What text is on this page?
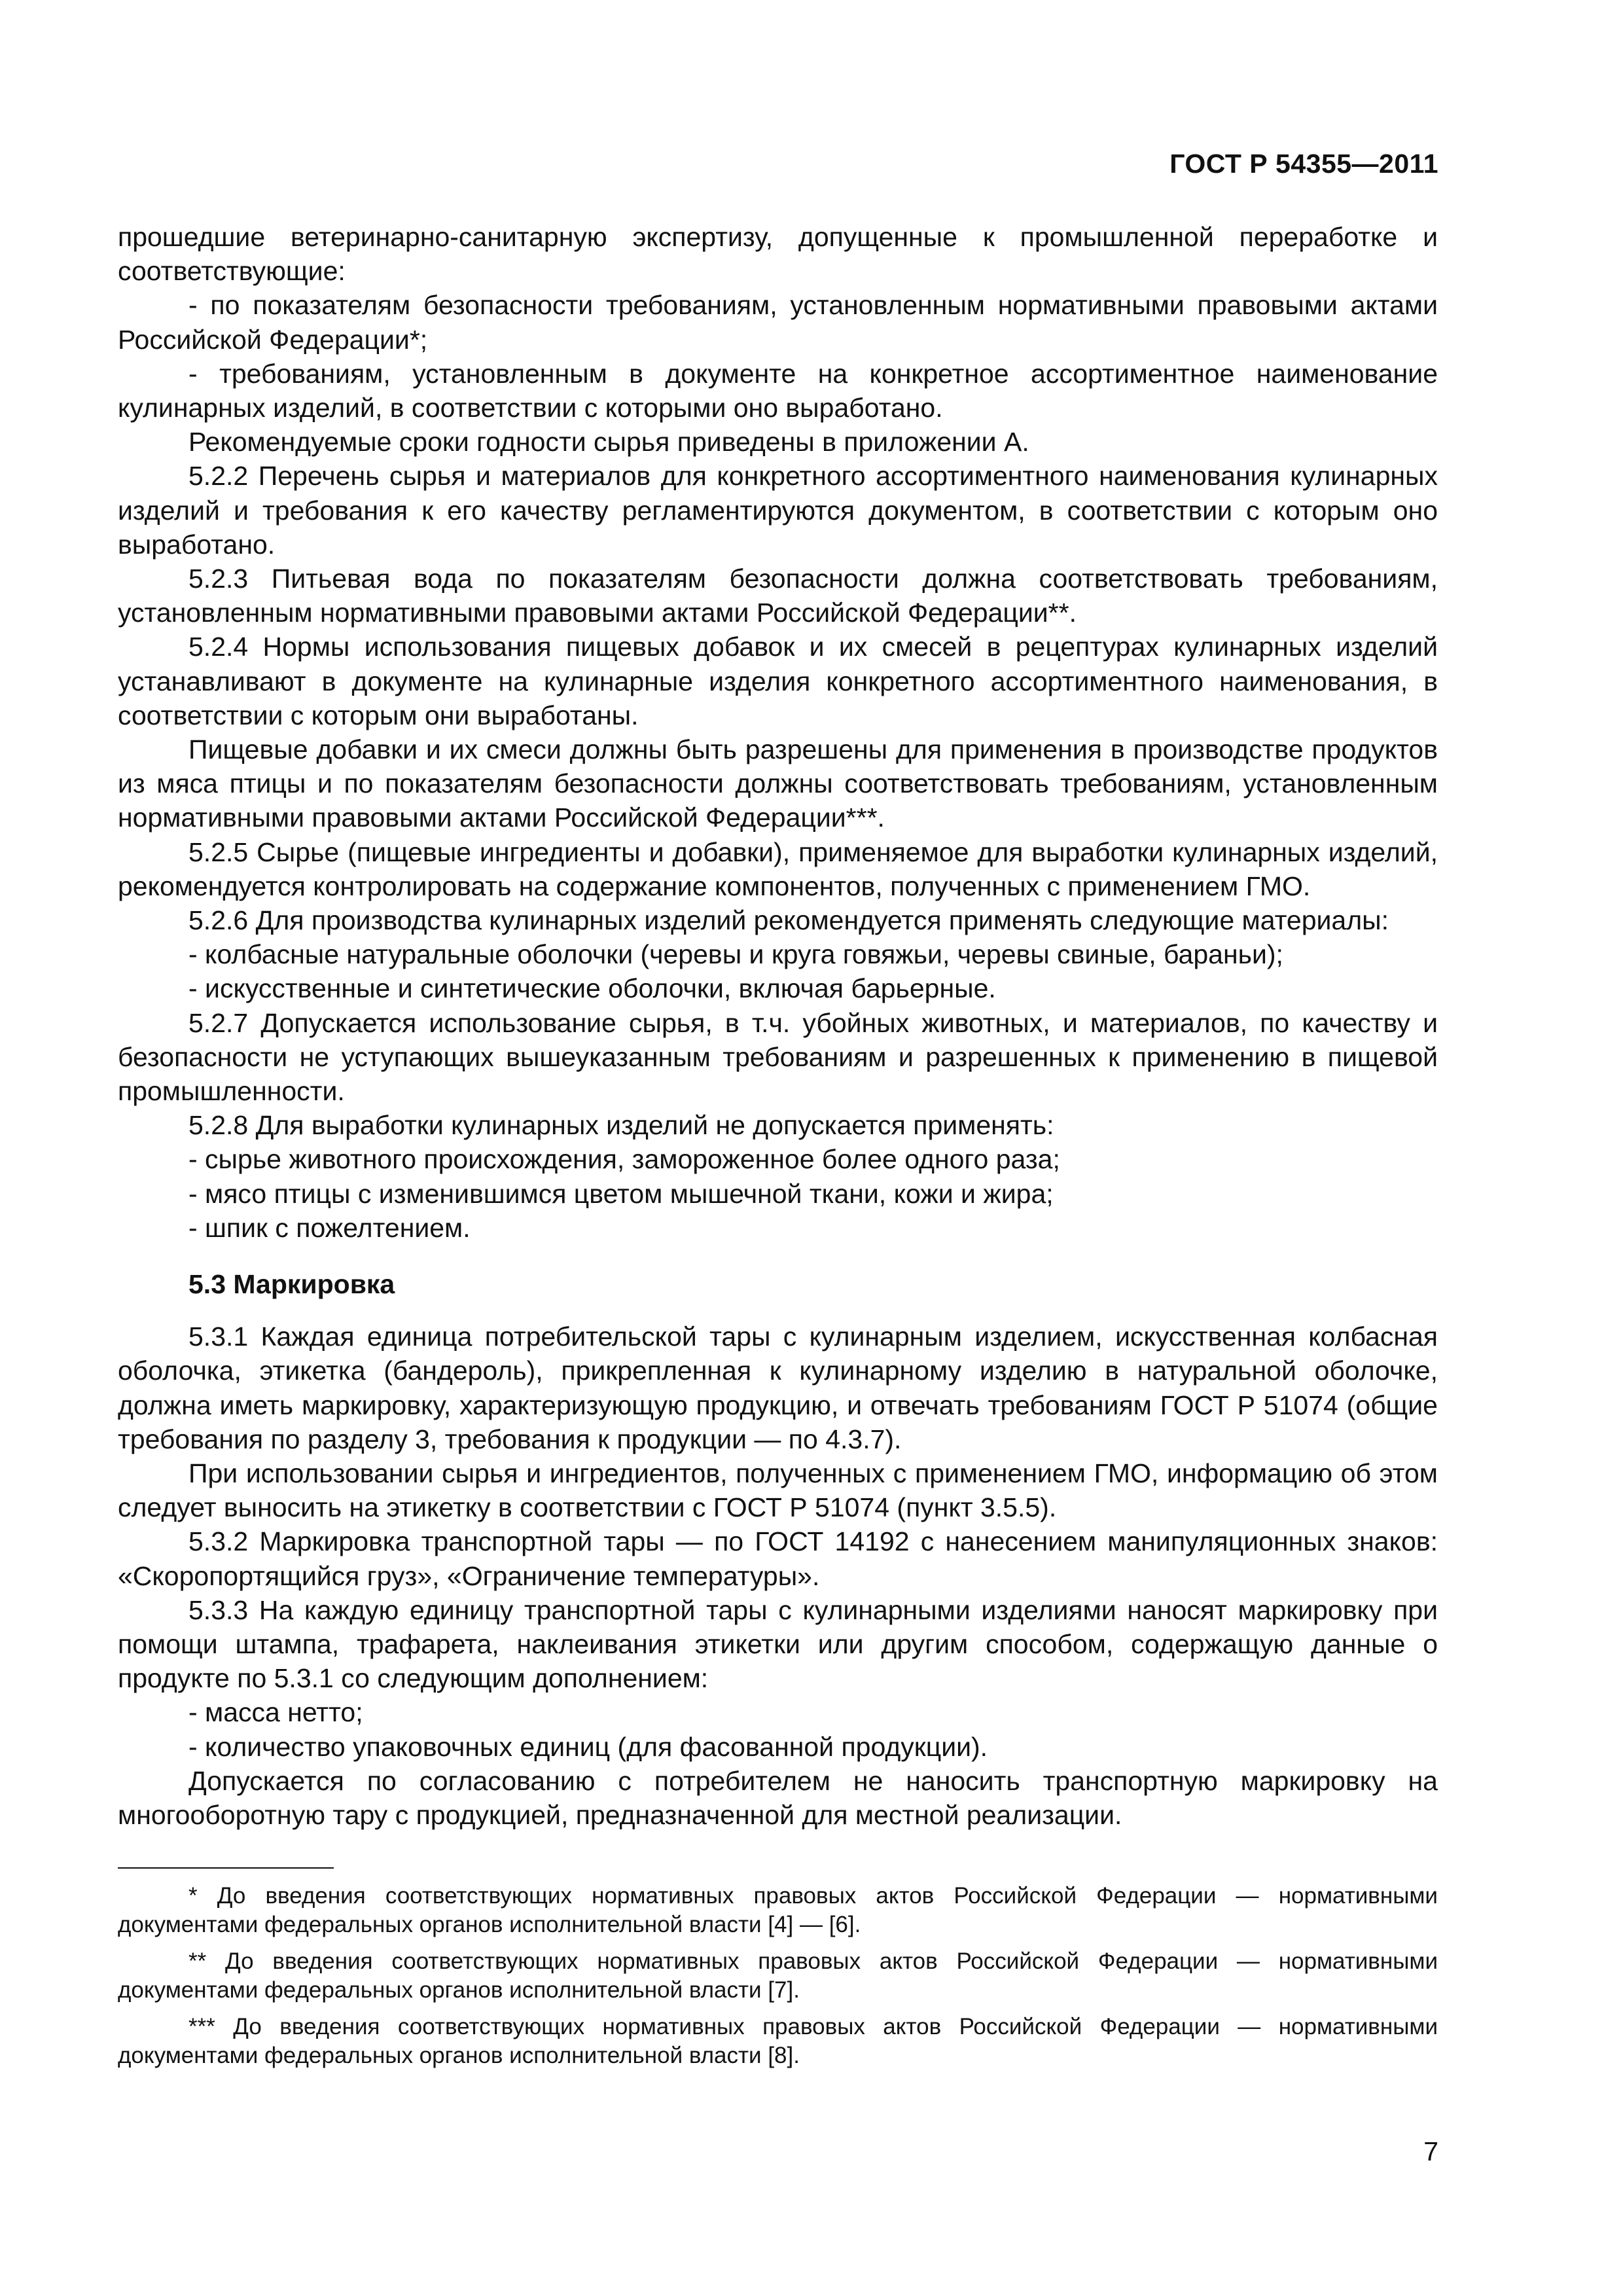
ГОСТ Р 54355—2011

прошедшие ветеринарно-санитарную экспертизу, допущенные к промышленной переработке и соответствующие:

- по показателям безопасности требованиям, установленным нормативными правовыми актами Российской Федерации*;

- требованиям, установленным в документе на конкретное ассортиментное наименование кулинарных изделий, в соответствии с которыми оно выработано.

Рекомендуемые сроки годности сырья приведены в приложении А.

5.2.2 Перечень сырья и материалов для конкретного ассортиментного наименования кулинарных изделий и требования к его качеству регламентируются документом, в соответствии с которым оно выработано.

5.2.3 Питьевая вода по показателям безопасности должна соответствовать требованиям, установленным нормативными правовыми актами Российской Федерации**.

5.2.4 Нормы использования пищевых добавок и их смесей в рецептурах кулинарных изделий устанавливают в документе на кулинарные изделия конкретного ассортиментного наименования, в соответствии с которым они выработаны.

Пищевые добавки и их смеси должны быть разрешены для применения в производстве продуктов из мяса птицы и по показателям безопасности должны соответствовать требованиям, установленным нормативными правовыми актами Российской Федерации***.

5.2.5 Сырье (пищевые ингредиенты и добавки), применяемое для выработки кулинарных изделий, рекомендуется контролировать на содержание компонентов, полученных с применением ГМО.

5.2.6 Для производства кулинарных изделий рекомендуется применять следующие материалы:

- колбасные натуральные оболочки (черевы и круга говяжьи, черевы свиные, бараньи);

- искусственные и синтетические оболочки, включая барьерные.

5.2.7 Допускается использование сырья, в т.ч. убойных животных, и материалов, по качеству и безопасности не уступающих вышеуказанным требованиям и разрешенных к применению в пищевой промышленности.

5.2.8 Для выработки кулинарных изделий не допускается применять:

- сырье животного происхождения, замороженное более одного раза;

- мясо птицы с изменившимся цветом мышечной ткани, кожи и жира;

- шпик с пожелтением.

5.3 Маркировка

5.3.1 Каждая единица потребительской тары с кулинарным изделием, искусственная колбасная оболочка, этикетка (бандероль), прикрепленная к кулинарному изделию в натуральной оболочке, должна иметь маркировку, характеризующую продукцию, и отвечать требованиям ГОСТ Р 51074 (общие требования по разделу 3, требования к продукции — по 4.3.7).

При использовании сырья и ингредиентов, полученных с применением ГМО, информацию об этом следует выносить на этикетку в соответствии с ГОСТ Р 51074 (пункт 3.5.5).

5.3.2 Маркировка транспортной тары — по ГОСТ 14192 с нанесением манипуляционных знаков: «Скоропортящийся груз», «Ограничение температуры».

5.3.3 На каждую единицу транспортной тары с кулинарными изделиями наносят маркировку при помощи штампа, трафарета, наклеивания этикетки или другим способом, содержащую данные о продукте по 5.3.1 со следующим дополнением:

- масса нетто;

- количество упаковочных единиц (для фасованной продукции).

Допускается по согласованию с потребителем не наносить транспортную маркировку на многооборотную тару с продукцией, предназначенной для местной реализации.

* До введения соответствующих нормативных правовых актов Российской Федерации — нормативными документами федеральных органов исполнительной власти [4] — [6].

** До введения соответствующих нормативных правовых актов Российской Федерации — нормативными документами федеральных органов исполнительной власти [7].

*** До введения соответствующих нормативных правовых актов Российской Федерации — нормативными документами федеральных органов исполнительной власти [8].

7
